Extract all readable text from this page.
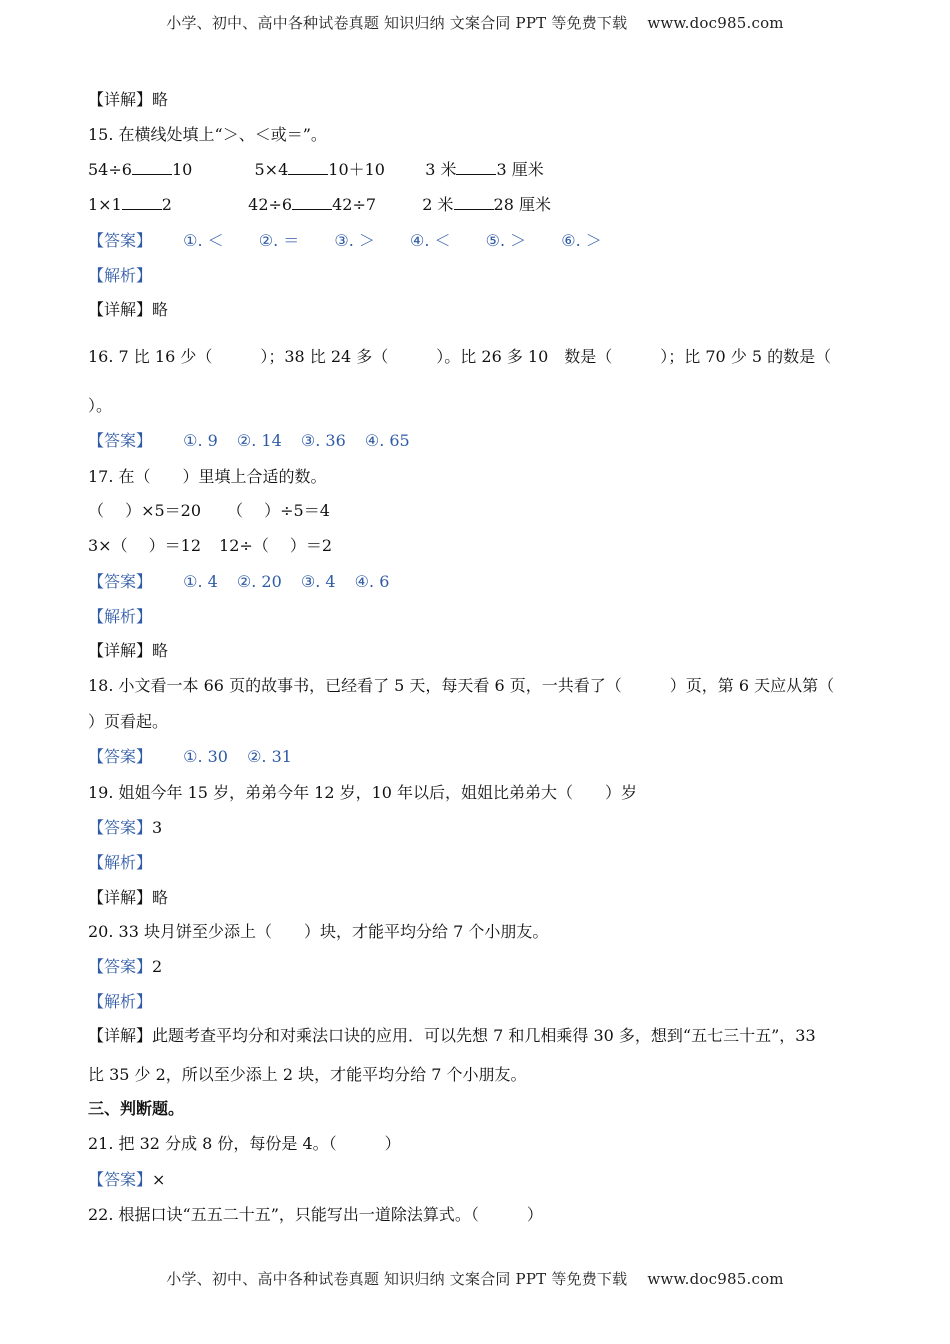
小学、初中、高中各种试卷真题 知识归纳 文案合同 PPT 等免费下载 www.doc985.com
【详解】略
15. 在横线处填上“＞、＜或＝”。
54÷6	10	5×4	10＋10	3 米	3 厘米
1×1	2	42÷6	42÷7	2 米	28 厘米
【答案】 ①. ＜ ②. ＝ ③. ＞ ④. ＜ ⑤. ＞ ⑥. ＞
【解析】
【详解】略
16. 7 比 16 少（　　　）；38 比 24 多（　　　）。比 26 多 10　数是（　　　）；比 70 少 5 的数是（
）。
【答案】 ①. 9 ②. 14 ③. 36 ④. 65
17. 在（　　）里填上合适的数。
（　 ）×5＝20 （　 ）÷5＝4
3×（　 ）＝12 12÷（　 ）＝2
【答案】 ①. 4 ②. 20 ③. 4 ④. 6
【解析】
【详解】略
18. 小文看一本 66 页的故事书，已经看了 5 天，每天看 6 页，一共看了（　　　）页，第 6 天应从第（
）页看起。
【答案】 ①. 30 ②. 31
19. 姐姐今年 15 岁，弟弟今年 12 岁，10 年以后，姐姐比弟弟大（　　）岁
【答案】3
【解析】
【详解】略
20. 33 块月饼至少添上（　　）块，才能平均分给 7 个小朋友。
【答案】2
【解析】
【详解】此题考查平均分和对乘法口诀的应用．可以先想 7 和几相乘得 30 多，想到“五七三十五”，33
比 35 少 2，所以至少添上 2 块，才能平均分给 7 个小朋友。
三、判断题。
21. 把 32 分成 8 份，每份是 4。（　　　）
【答案】×
22. 根据口诀“五五二十五”，只能写出一道除法算式。（　　　）
小学、初中、高中各种试卷真题 知识归纳 文案合同 PPT 等免费下载 www.doc985.com
